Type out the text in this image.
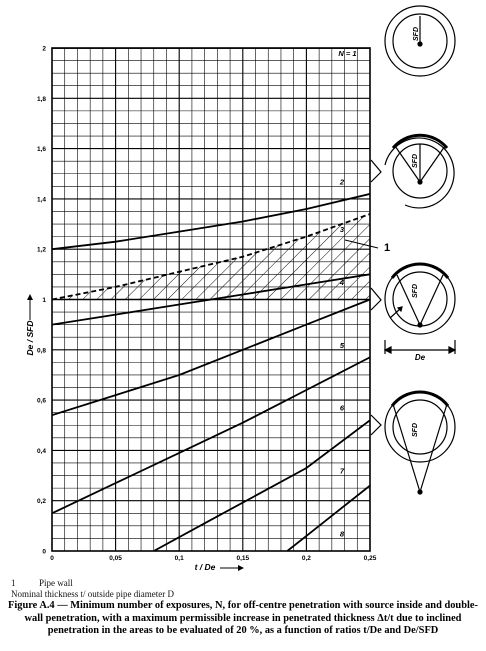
N = 1
2
3
4
5
6
7
8
0	0,05	0,1	0,15	0,2	0,25
0
0,2
0,4
0,6
0,8
1
1,2
1,4
1,6
1,8
2
t / De
De / SFD
1
SFD
SFD
De
SFD
SFD
1	Pipe wall
Nominal thickness t/ outside pipe diameter D
Figure A.4 — Minimum number of exposures, N, for off-centre penetration with source inside and double-wall penetration, with a maximum permissible increase in penetrated thickness Δt/t due to inclined penetration in the areas to be evaluated of 20 %, as a function of ratios t/De and De/SFD
